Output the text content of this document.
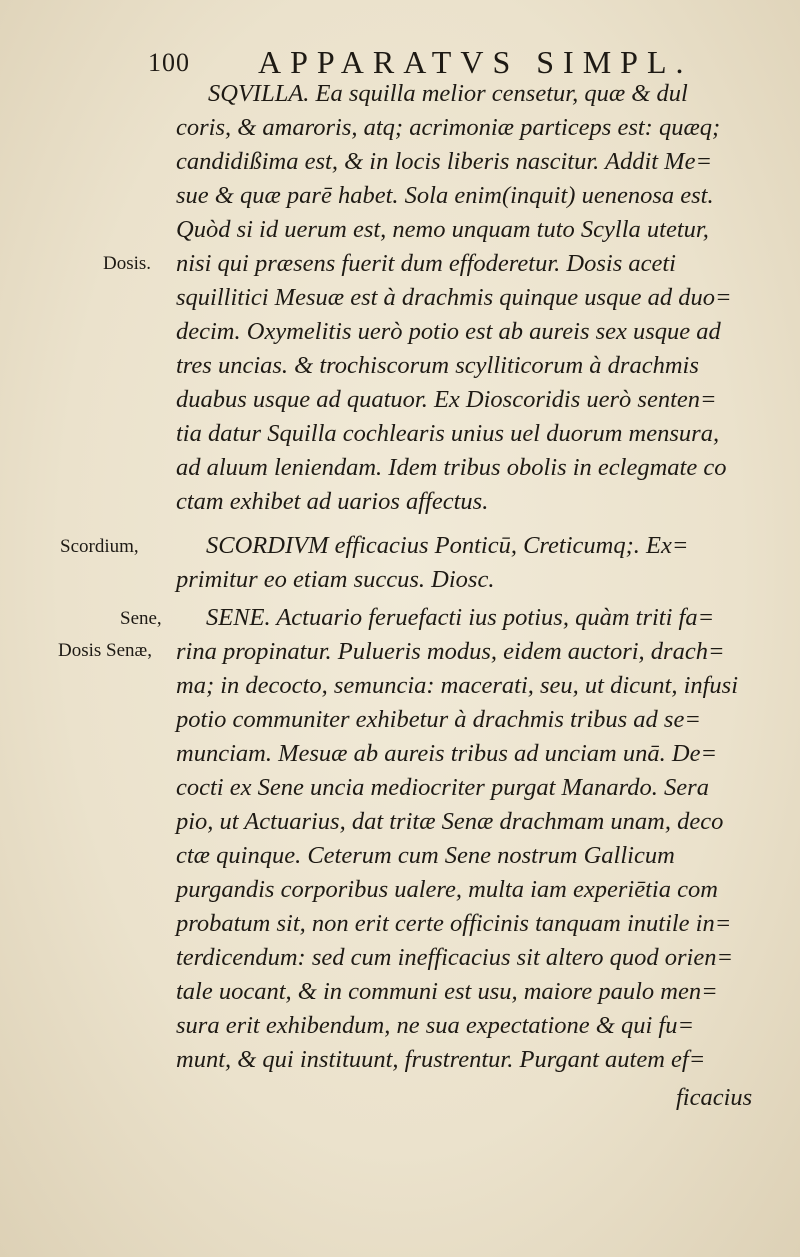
100 APPARATVS SIMPL.
Dosis.
Scordium,
Sene,
Dosis Senæ,
SQVILLA. Ea squilla melior censetur, quæ & dul
coris, & amaroris, atq; acrimoniæ particeps est: quæq;
candidißima est, & in locis liberis nascitur. Addit Me=
sue & quæ parē habet. Sola enim(inquit) uenenosa est.
Quòd si id uerum est, nemo unquam tuto Scylla utetur,
nisi qui præsens fuerit dum effoderetur. Dosis aceti
squillitici Mesuæ est à drachmis quinque usque ad duo=
decim. Oxymelitis uerò potio est ab aureis sex usque ad
tres uncias. & trochiscorum scylliticorum à drachmis
duabus usque ad quatuor. Ex Dioscoridis uerò senten=
tia datur Squilla cochlearis unius uel duorum mensura,
ad aluum leniendam. Idem tribus obolis in eclegmate co
ctam exhibet ad uarios affectus.
SCORDIVM efficacius Ponticū, Creticumq;. Ex=
primitur eo etiam succus. Diosc.
SENE. Actuario feruefacti ius potius, quàm triti fa=
rina propinatur. Pulueris modus, eidem auctori, drach=
ma; in decocto, semuncia: macerati, seu, ut dicunt, infusi
potio communiter exhibetur à drachmis tribus ad se=
munciam. Mesuæ ab aureis tribus ad unciam unā. De=
cocti ex Sene uncia mediocriter purgat Manardo. Sera
pio, ut Actuarius, dat tritæ Senæ drachmam unam, deco
ctæ quinque. Ceterum cum Sene nostrum Gallicum
purgandis corporibus ualere, multa iam experiētia com
probatum sit, non erit certe officinis tanquam inutile in=
terdicendum: sed cum inefficacius sit altero quod orien=
tale uocant, & in communi est usu, maiore paulo men=
sura erit exhibendum, ne sua expectatione & qui fu=
munt, & qui instituunt, frustrentur. Purgant autem ef=
ficacius
